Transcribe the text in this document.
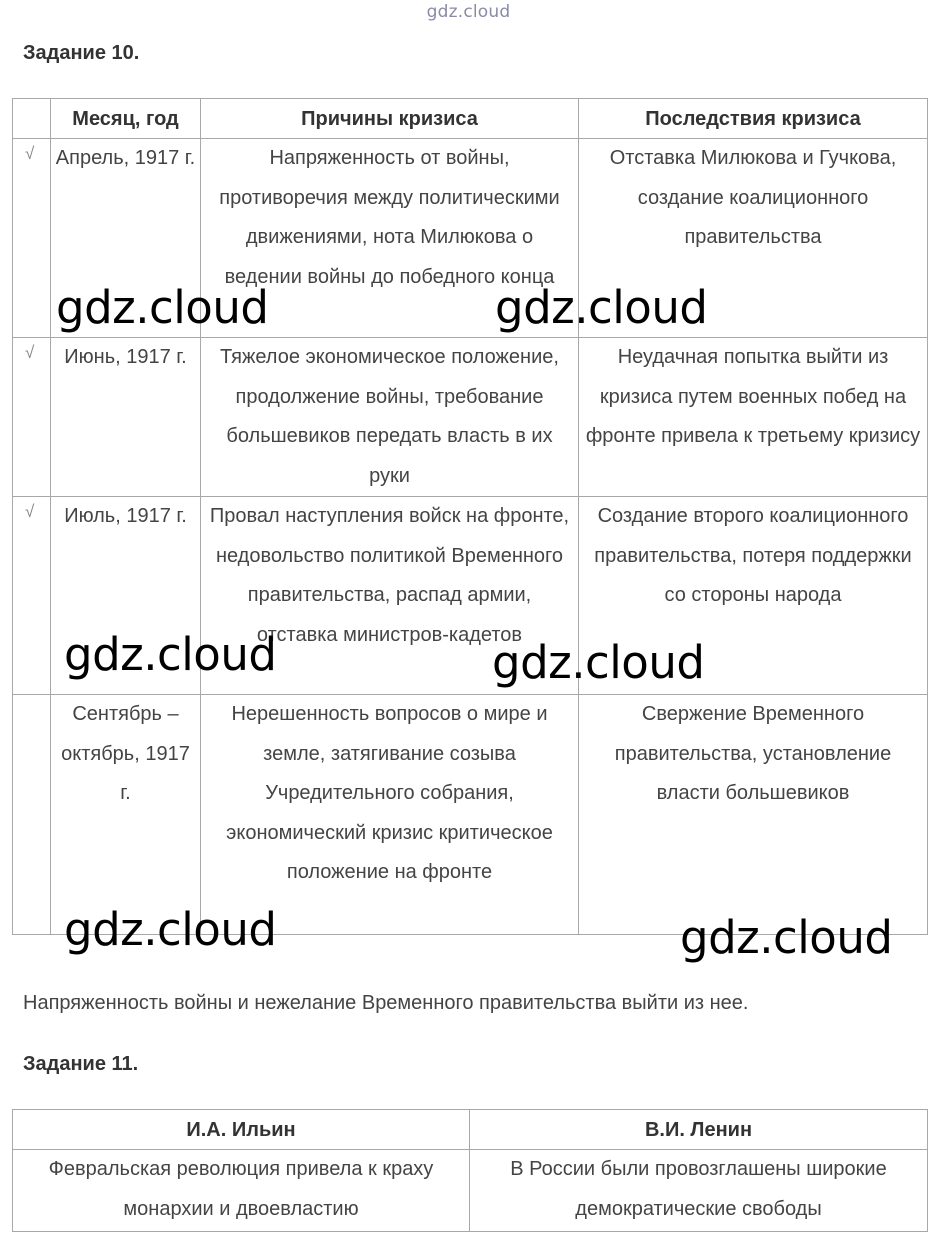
gdz.cloud
Задание 10.
	Месяц, год	Причины кризиса	Последствия кризиса
√	Апрель, 1917 г.	Напряженность от войны, противоречия между политическими движениями, нота Милюкова о ведении войны до победного конца	Отставка Милюкова и Гучкова, создание коалиционного правительства
√	Июнь, 1917 г.	Тяжелое экономическое положение, продолжение войны, требование большевиков передать власть в их руки	Неудачная попытка выйти из кризиса путем военных побед на фронте привела к третьему кризису
√	Июль, 1917 г.	Провал наступления войск на фронте, недовольство политикой Временного правительства, распад армии, отставка министров-кадетов	Создание второго коалиционного правительства, потеря поддержки со стороны народа
	Сентябрь – октябрь, 1917 г.	Нерешенность вопросов о мире и земле, затягивание созыва Учредительного собрания, экономический кризис критическое положение на фронте	Свержение Временного правительства, установление власти большевиков
Напряженность войны и нежелание Временного правительства выйти из нее.
Задание 11.
И.А. Ильин	В.И. Ленин
Февральская революция привела к краху монархии и двоевластию	В России были провозглашены широкие демократические свободы
gdz.cloud	gdz.cloud
gdz.cloud	gdz.cloud
gdz.cloud	gdz.cloud
